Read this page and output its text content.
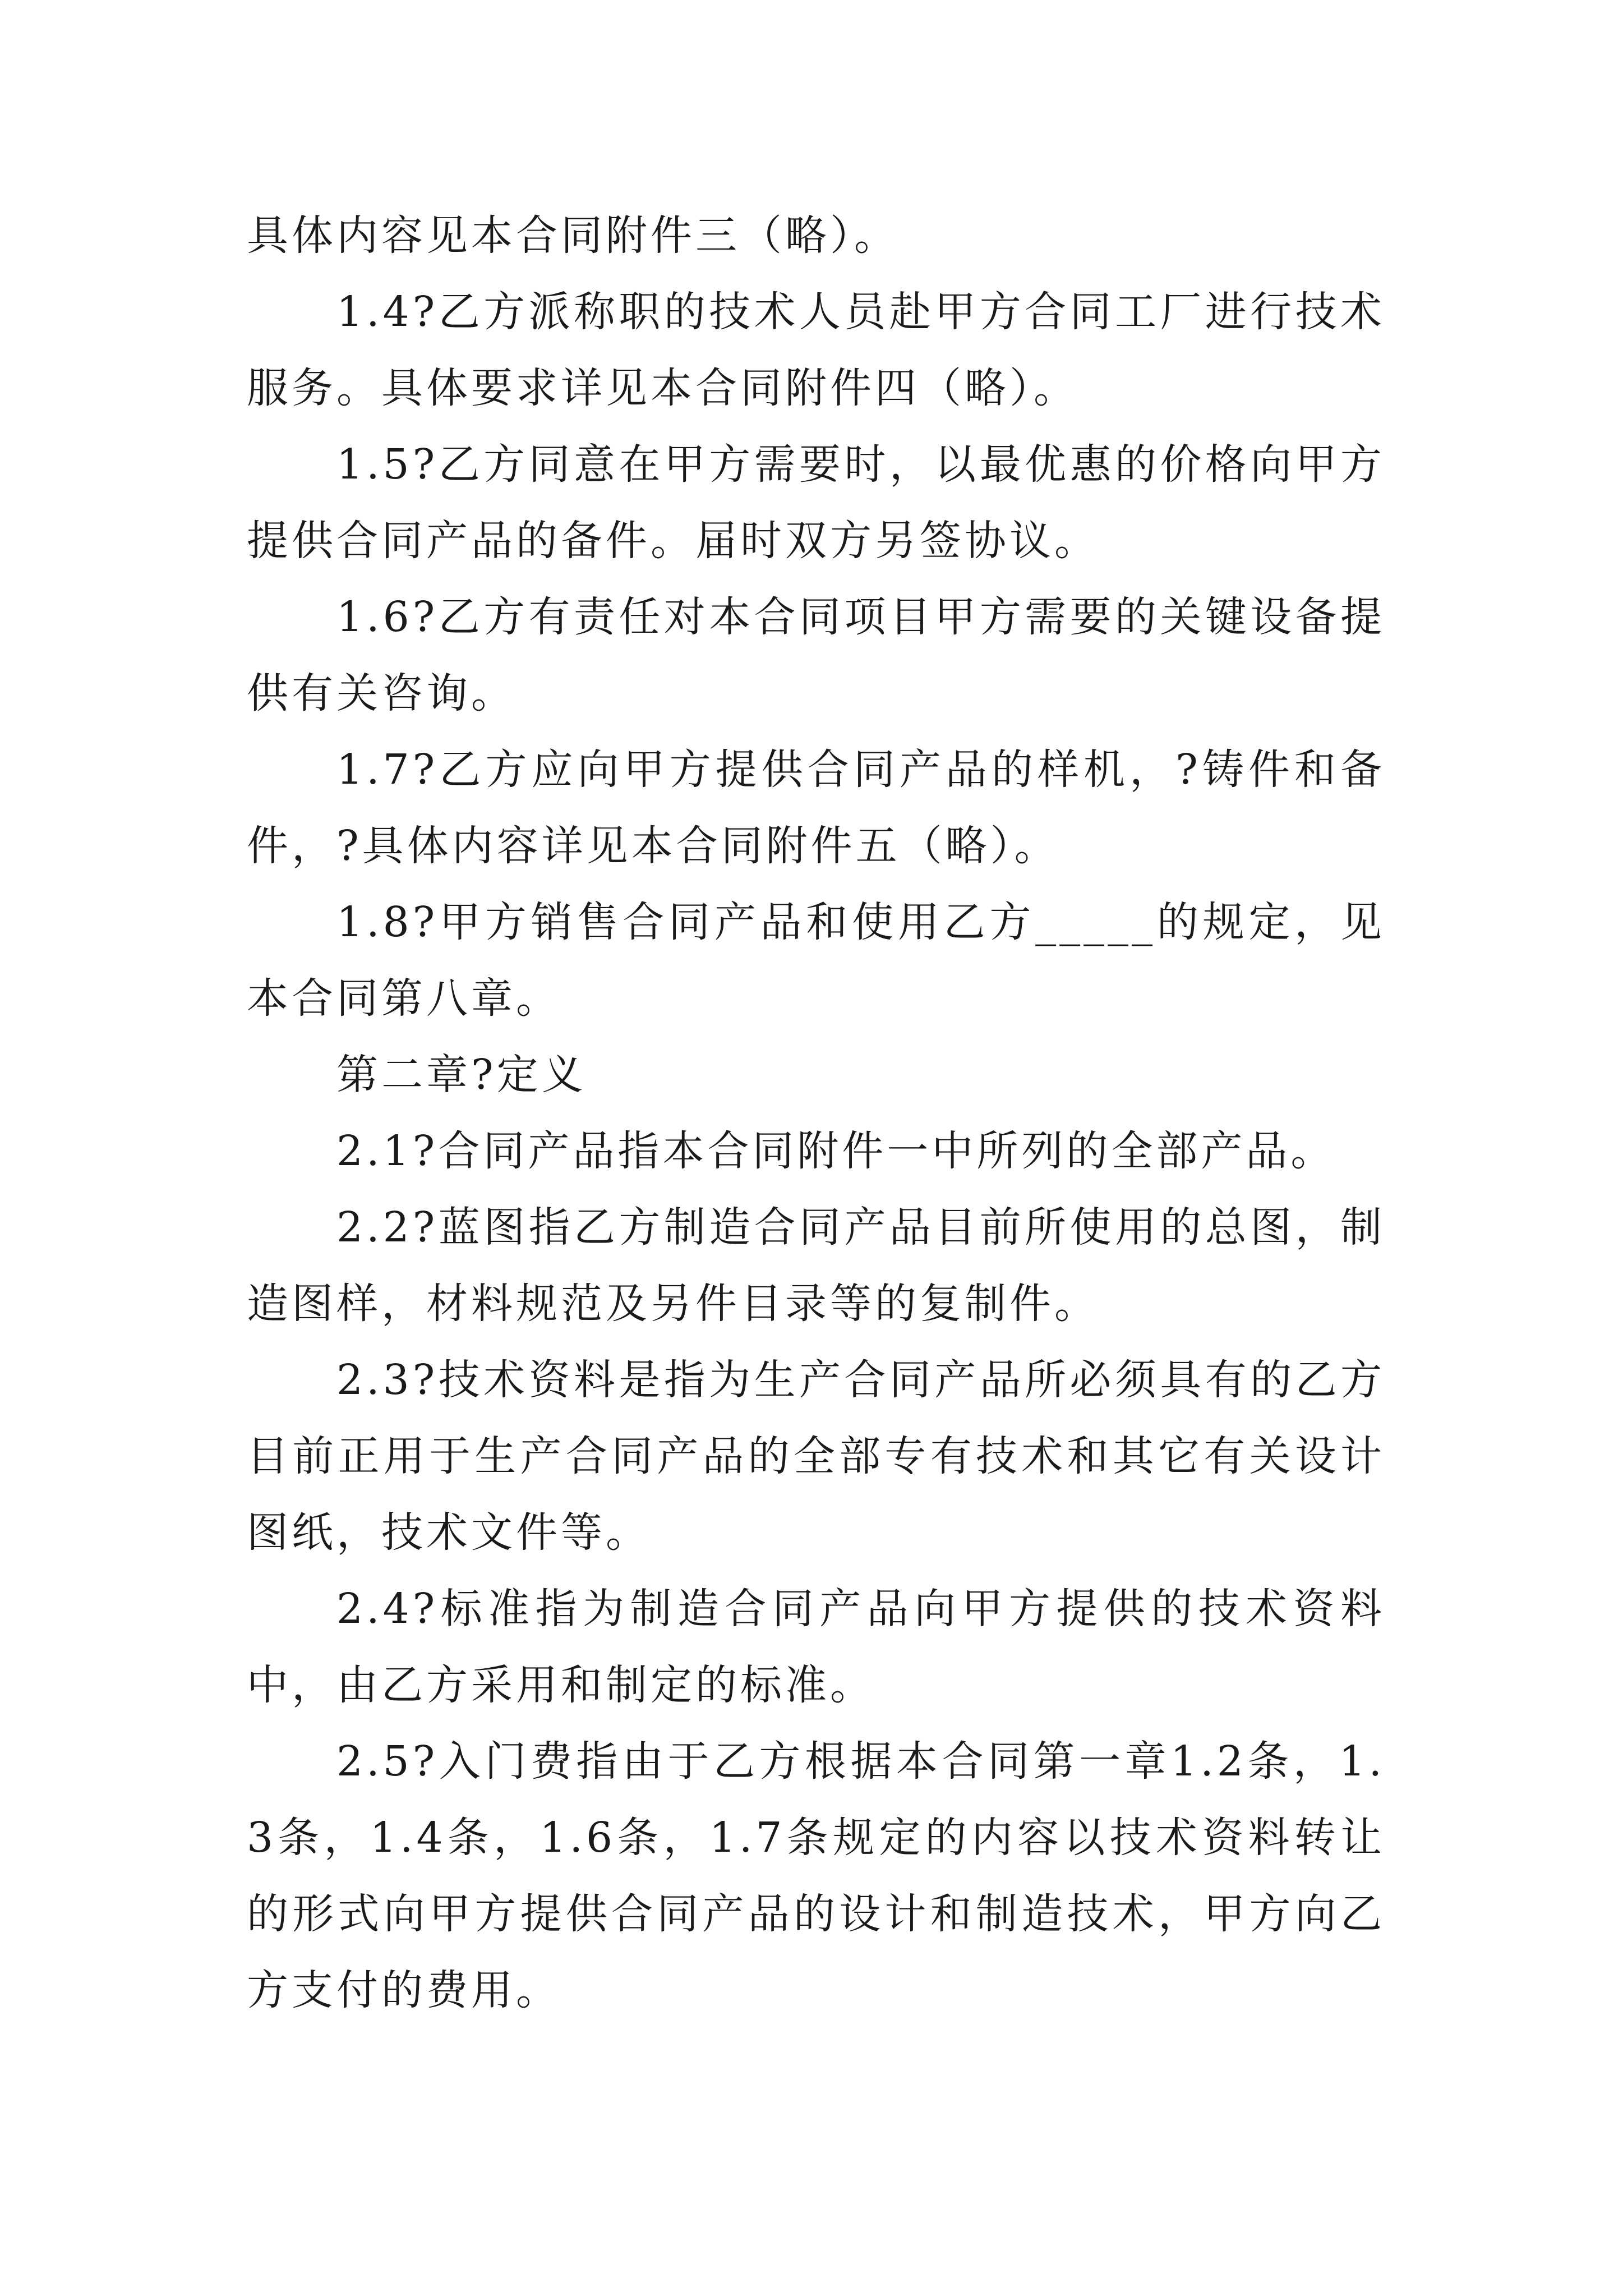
具体内容见本合同附件三（略）。

1.4?乙方派称职的技术人员赴甲方合同工厂进行技术服务。具体要求详见本合同附件四（略）。

1.5?乙方同意在甲方需要时，以最优惠的价格向甲方提供合同产品的备件。届时双方另签协议。

1.6?乙方有责任对本合同项目甲方需要的关键设备提供有关咨询。

1.7?乙方应向甲方提供合同产品的样机，?铸件和备件，?具体内容详见本合同附件五（略）。

1.8?甲方销售合同产品和使用乙方_____的规定，见本合同第八章。

第二章?定义

2.1?合同产品指本合同附件一中所列的全部产品。

2.2?蓝图指乙方制造合同产品目前所使用的总图，制造图样，材料规范及另件目录等的复制件。

2.3?技术资料是指为生产合同产品所必须具有的乙方目前正用于生产合同产品的全部专有技术和其它有关设计图纸，技术文件等。

2.4?标准指为制造合同产品向甲方提供的技术资料中，由乙方采用和制定的标准。

2.5?入门费指由于乙方根据本合同第一章1.2条，1.3条，1.4条，1.6条，1.7条规定的内容以技术资料转让的形式向甲方提供合同产品的设计和制造技术，甲方向乙方支付的费用。
